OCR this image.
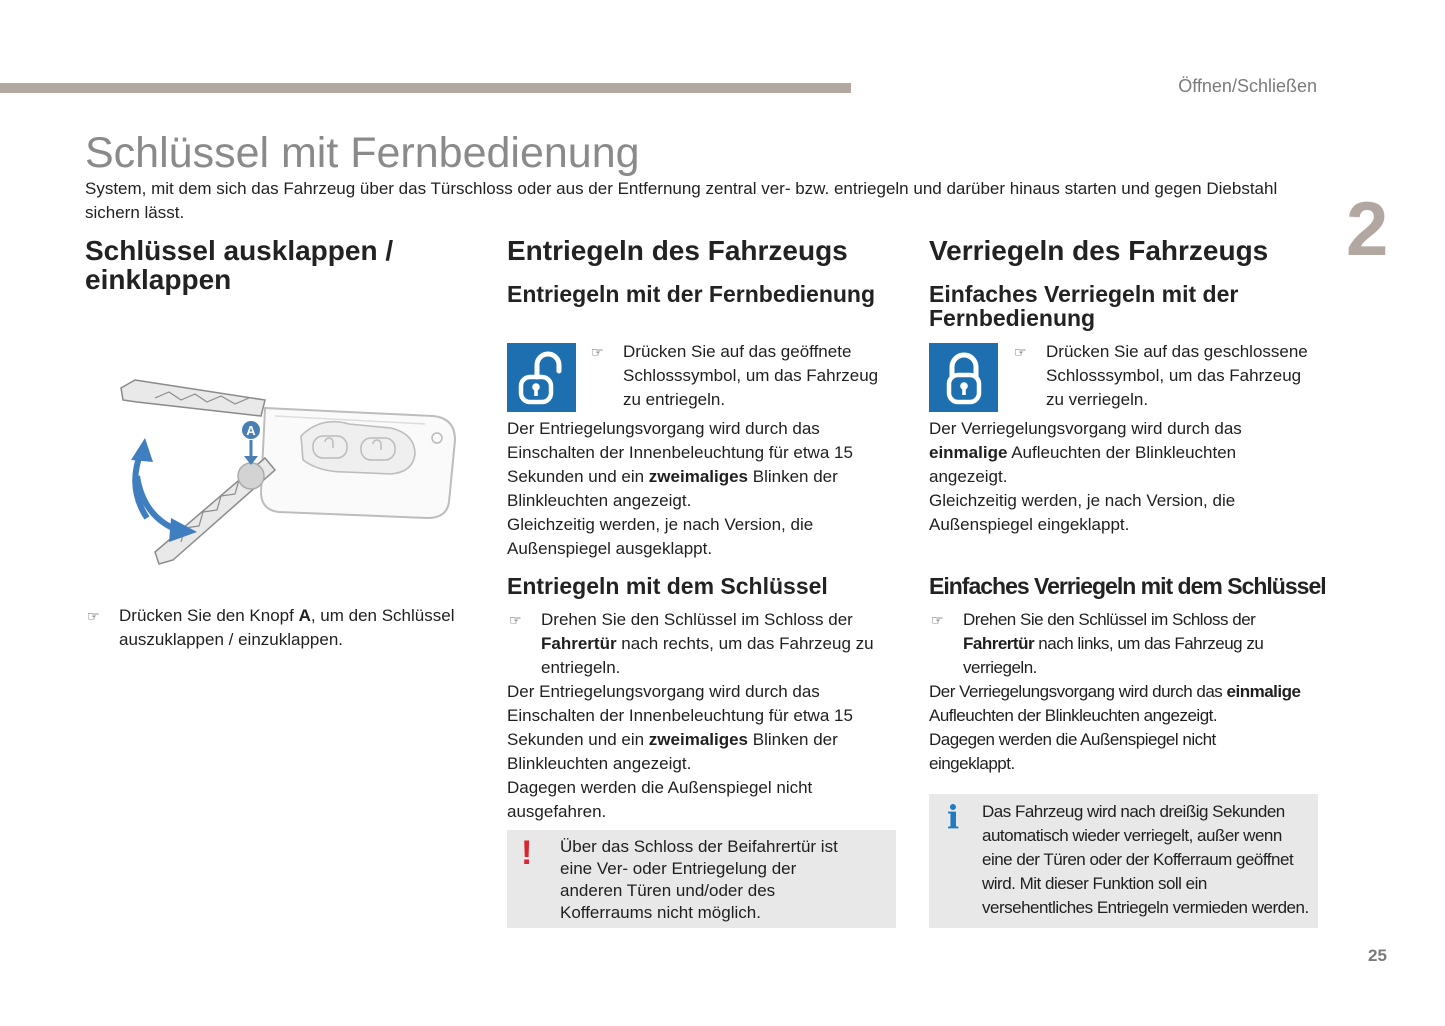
Öffnen/Schließen
2
25
Schlüssel mit Fernbedienung
System, mit dem sich das Fahrzeug über das Türschloss oder aus der Entfernung zentral ver- bzw. entriegeln und darüber hinaus starten und gegen Diebstahl sichern lässt.
Schlüssel ausklappen / einklappen
A
☞ Drücken Sie den Knopf A, um den Schlüssel auszuklappen / einzuklappen.
Entriegeln des Fahrzeugs
Entriegeln mit der Fernbedienung
☞ Drücken Sie auf das geöffnete Schlosssymbol, um das Fahrzeug zu entriegeln.

Der Entriegelungsvorgang wird durch das Einschalten der Innenbeleuchtung für etwa 15 Sekunden und ein zweimaliges Blinken der Blinkleuchten angezeigt.

Gleichzeitig werden, je nach Version, die Außenspiegel ausgeklappt.

Entriegeln mit dem Schlüssel
☞ Drehen Sie den Schlüssel im Schloss der Fahrertür nach rechts, um das Fahrzeug zu entriegeln.

Der Entriegelungsvorgang wird durch das Einschalten der Innenbeleuchtung für etwa 15 Sekunden und ein zweimaliges Blinken der Blinkleuchten angezeigt.

Dagegen werden die Außenspiegel nicht ausgefahren.

! Über das Schloss der Beifahrertür ist eine Ver- oder Entriegelung der anderen Türen und/oder des Kofferraums nicht möglich.
Verriegeln des Fahrzeugs
Einfaches Verriegeln mit der Fernbedienung
☞ Drücken Sie auf das geschlossene Schlosssymbol, um das Fahrzeug zu verriegeln.

Der Verriegelungsvorgang wird durch das einmalige Aufleuchten der Blinkleuchten angezeigt.

Gleichzeitig werden, je nach Version, die Außenspiegel eingeklappt.

Einfaches Verriegeln mit dem Schlüssel
☞ Drehen Sie den Schlüssel im Schloss der Fahrertür nach links, um das Fahrzeug zu verriegeln.

Der Verriegelungsvorgang wird durch das einmalige Aufleuchten der Blinkleuchten angezeigt.

Dagegen werden die Außenspiegel nicht eingeklappt.

i Das Fahrzeug wird nach dreißig Sekunden automatisch wieder verriegelt, außer wenn eine der Türen oder der Kofferraum geöffnet wird. Mit dieser Funktion soll ein versehentliches Entriegeln vermieden werden.
